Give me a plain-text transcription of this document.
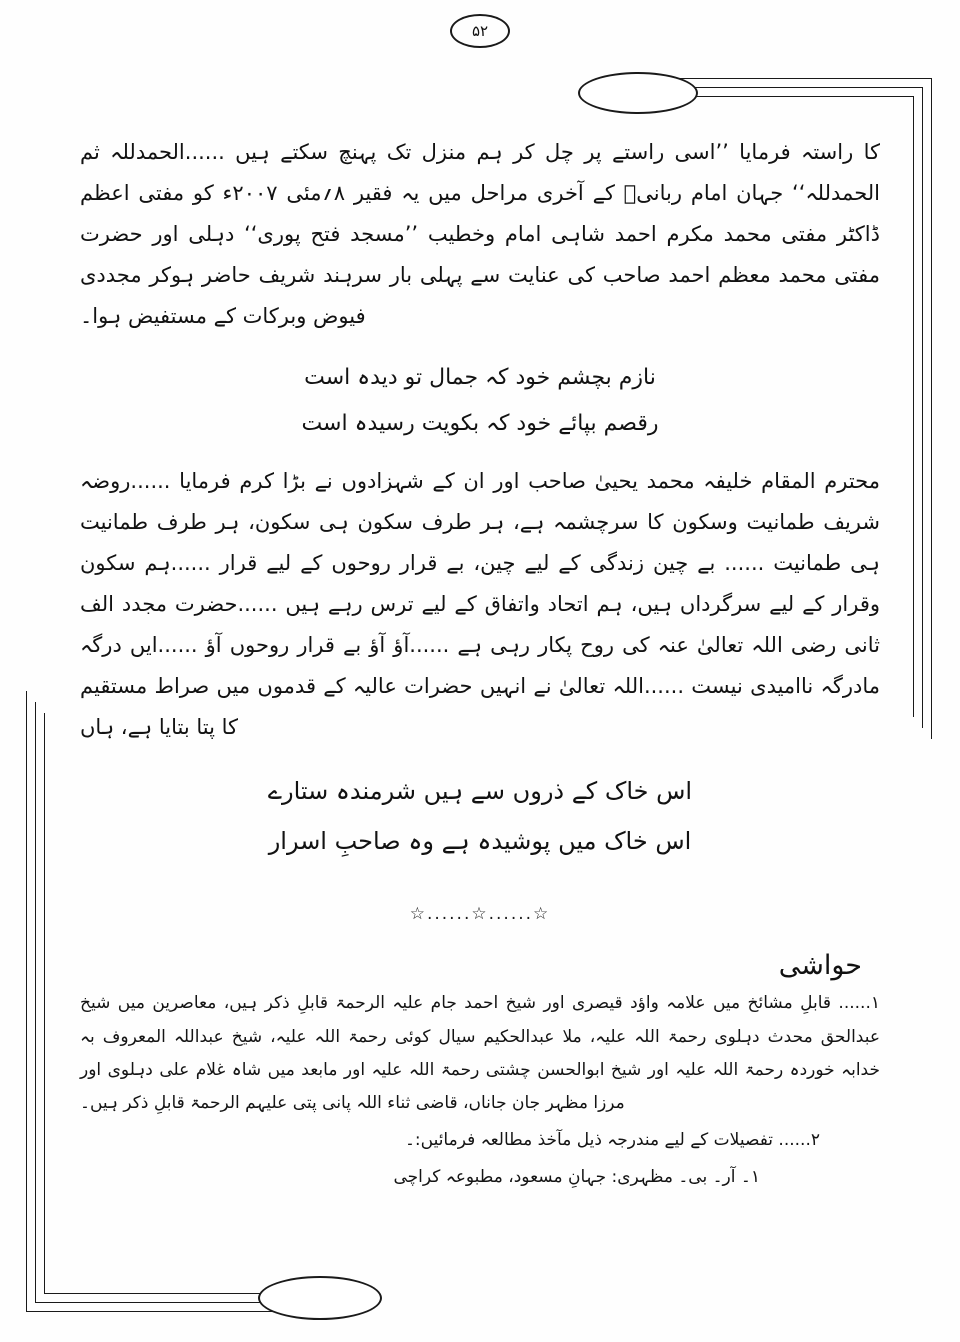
۵۲

کا راستہ فرمایا ’’اسی راستے پر چل کر ہم منزل تک پہنچ سکتے ہیں ......الحمدللہ ثم الحمدللہ‘‘ جہان امام ربانیؒ کے آخری مراحل میں یہ فقیر ۸؍مئی ۲۰۰۷ء کو مفتی اعظم ڈاکٹر مفتی محمد مکرم احمد شاہی امام وخطیب ’’مسجد فتح پوری‘‘ دہلی اور حضرت مفتی محمد معظم احمد صاحب کی عنایت سے پہلی بار سرہند شریف حاضر ہوکر مجددی فیوض وبرکات کے مستفیض ہوا۔

نازم بچشم خود کہ جمال تو دیدہ است
رقصم بپائے خود کہ بکویت رسیدہ است

محترم المقام خلیفہ محمد یحییٰ صاحب اور ان کے شہزادوں نے بڑا کرم فرمایا ......روضہ شریف طمانیت وسکون کا سرچشمہ ہے، ہر طرف سکون ہی سکون، ہر طرف طمانیت ہی طمانیت ...... بے چین زندگی کے لیے چین، بے قرار روحوں کے لیے قرار ......ہم سکون وقرار کے لیے سرگرداں ہیں، ہم اتحاد واتفاق کے لیے ترس رہے ہیں ......حضرت مجدد الف ثانی رضی اللہ تعالیٰ عنہ کی روح پکار رہی ہے ......آؤ آؤ بے قرار روحوں آؤ ......ایں درگہ مادرگہ ناامیدی نیست ......اللہ تعالیٰ نے انہیں حضرات عالیہ کے قدموں میں صراط مستقیم کا پتا بتایا ہے، ہاں

اس خاک کے ذروں سے ہیں شرمندہ ستارے
اس خاک میں پوشیدہ ہے وہ صاحبِ اسرار
☆......☆......☆
حواشی

۱...... قابلِ مشائخ میں علامہ واؤد قیصری اور شیخ احمد جام علیہ الرحمۃ قابلِ ذکر ہیں، معاصرین میں شیخ عبدالحق محدث دہلوی رحمۃ اللہ علیہ، ملا عبدالحکیم سیال کوئی رحمۃ اللہ علیہ، شیخ عبداللہ المعروف بہ خدابہ خوردہ رحمۃ اللہ علیہ اور شیخ ابوالحسن چشتی رحمۃ اللہ علیہ اور مابعد میں شاہ غلام علی دہلوی اور مرزا مظہر جان جاناں، قاضی ثناء اللہ پانی پتی علیہم الرحمۃ قابلِ ذکر ہیں۔

۲...... تفصیلات کے لیے مندرجہ ذیل مآخذ مطالعہ فرمائیں:۔

۱۔ آر۔ بی۔ مظہری: جہانِ مسعود، مطبوعہ کراچی
